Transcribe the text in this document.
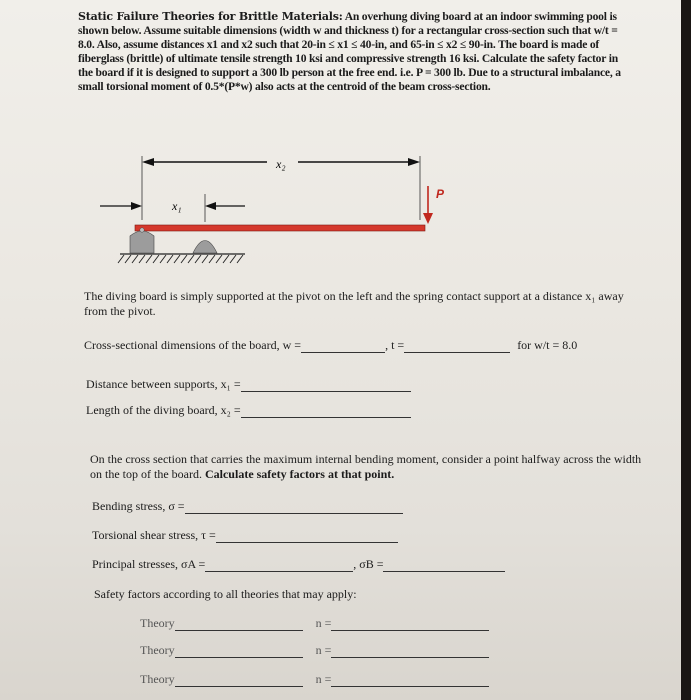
Static Failure Theories for Brittle Materials: An overhung diving board at an indoor swimming pool is shown below. Assume suitable dimensions (width w and thickness t) for a rectangular cross-section such that w/t = 8.0. Also, assume distances x1 and x2 such that 20-in ≤ x1 ≤ 40-in, and 65-in ≤ x2 ≤ 90-in. The board is made of fiberglass (brittle) of ultimate tensile strength 10 ksi and compressive strength 16 ksi. Calculate the safety factor in the board if it is designed to support a 300 lb person at the free end. i.e. P = 300 lb. Due to a structural imbalance, a small torsional moment of 0.5*(P*w) also acts at the centroid of the beam cross-section.
x₂
x₁
P
The diving board is simply supported at the pivot on the left and the spring contact support at a distance x₁ away from the pivot.
Cross-sectional dimensions of the board, w =	, t =	for w/t = 8.0
Distance between supports, x₁ =
Length of the diving board, x₂ =
On the cross section that carries the maximum internal bending moment, consider a point halfway across the width on the top of the board. Calculate safety factors at that point.
Bending stress, σ =
Torsional shear stress, τ =
Principal stresses, σA =	, σB =
Safety factors according to all theories that may apply:
Theory	n =
Theory	n =
Theory	n =
